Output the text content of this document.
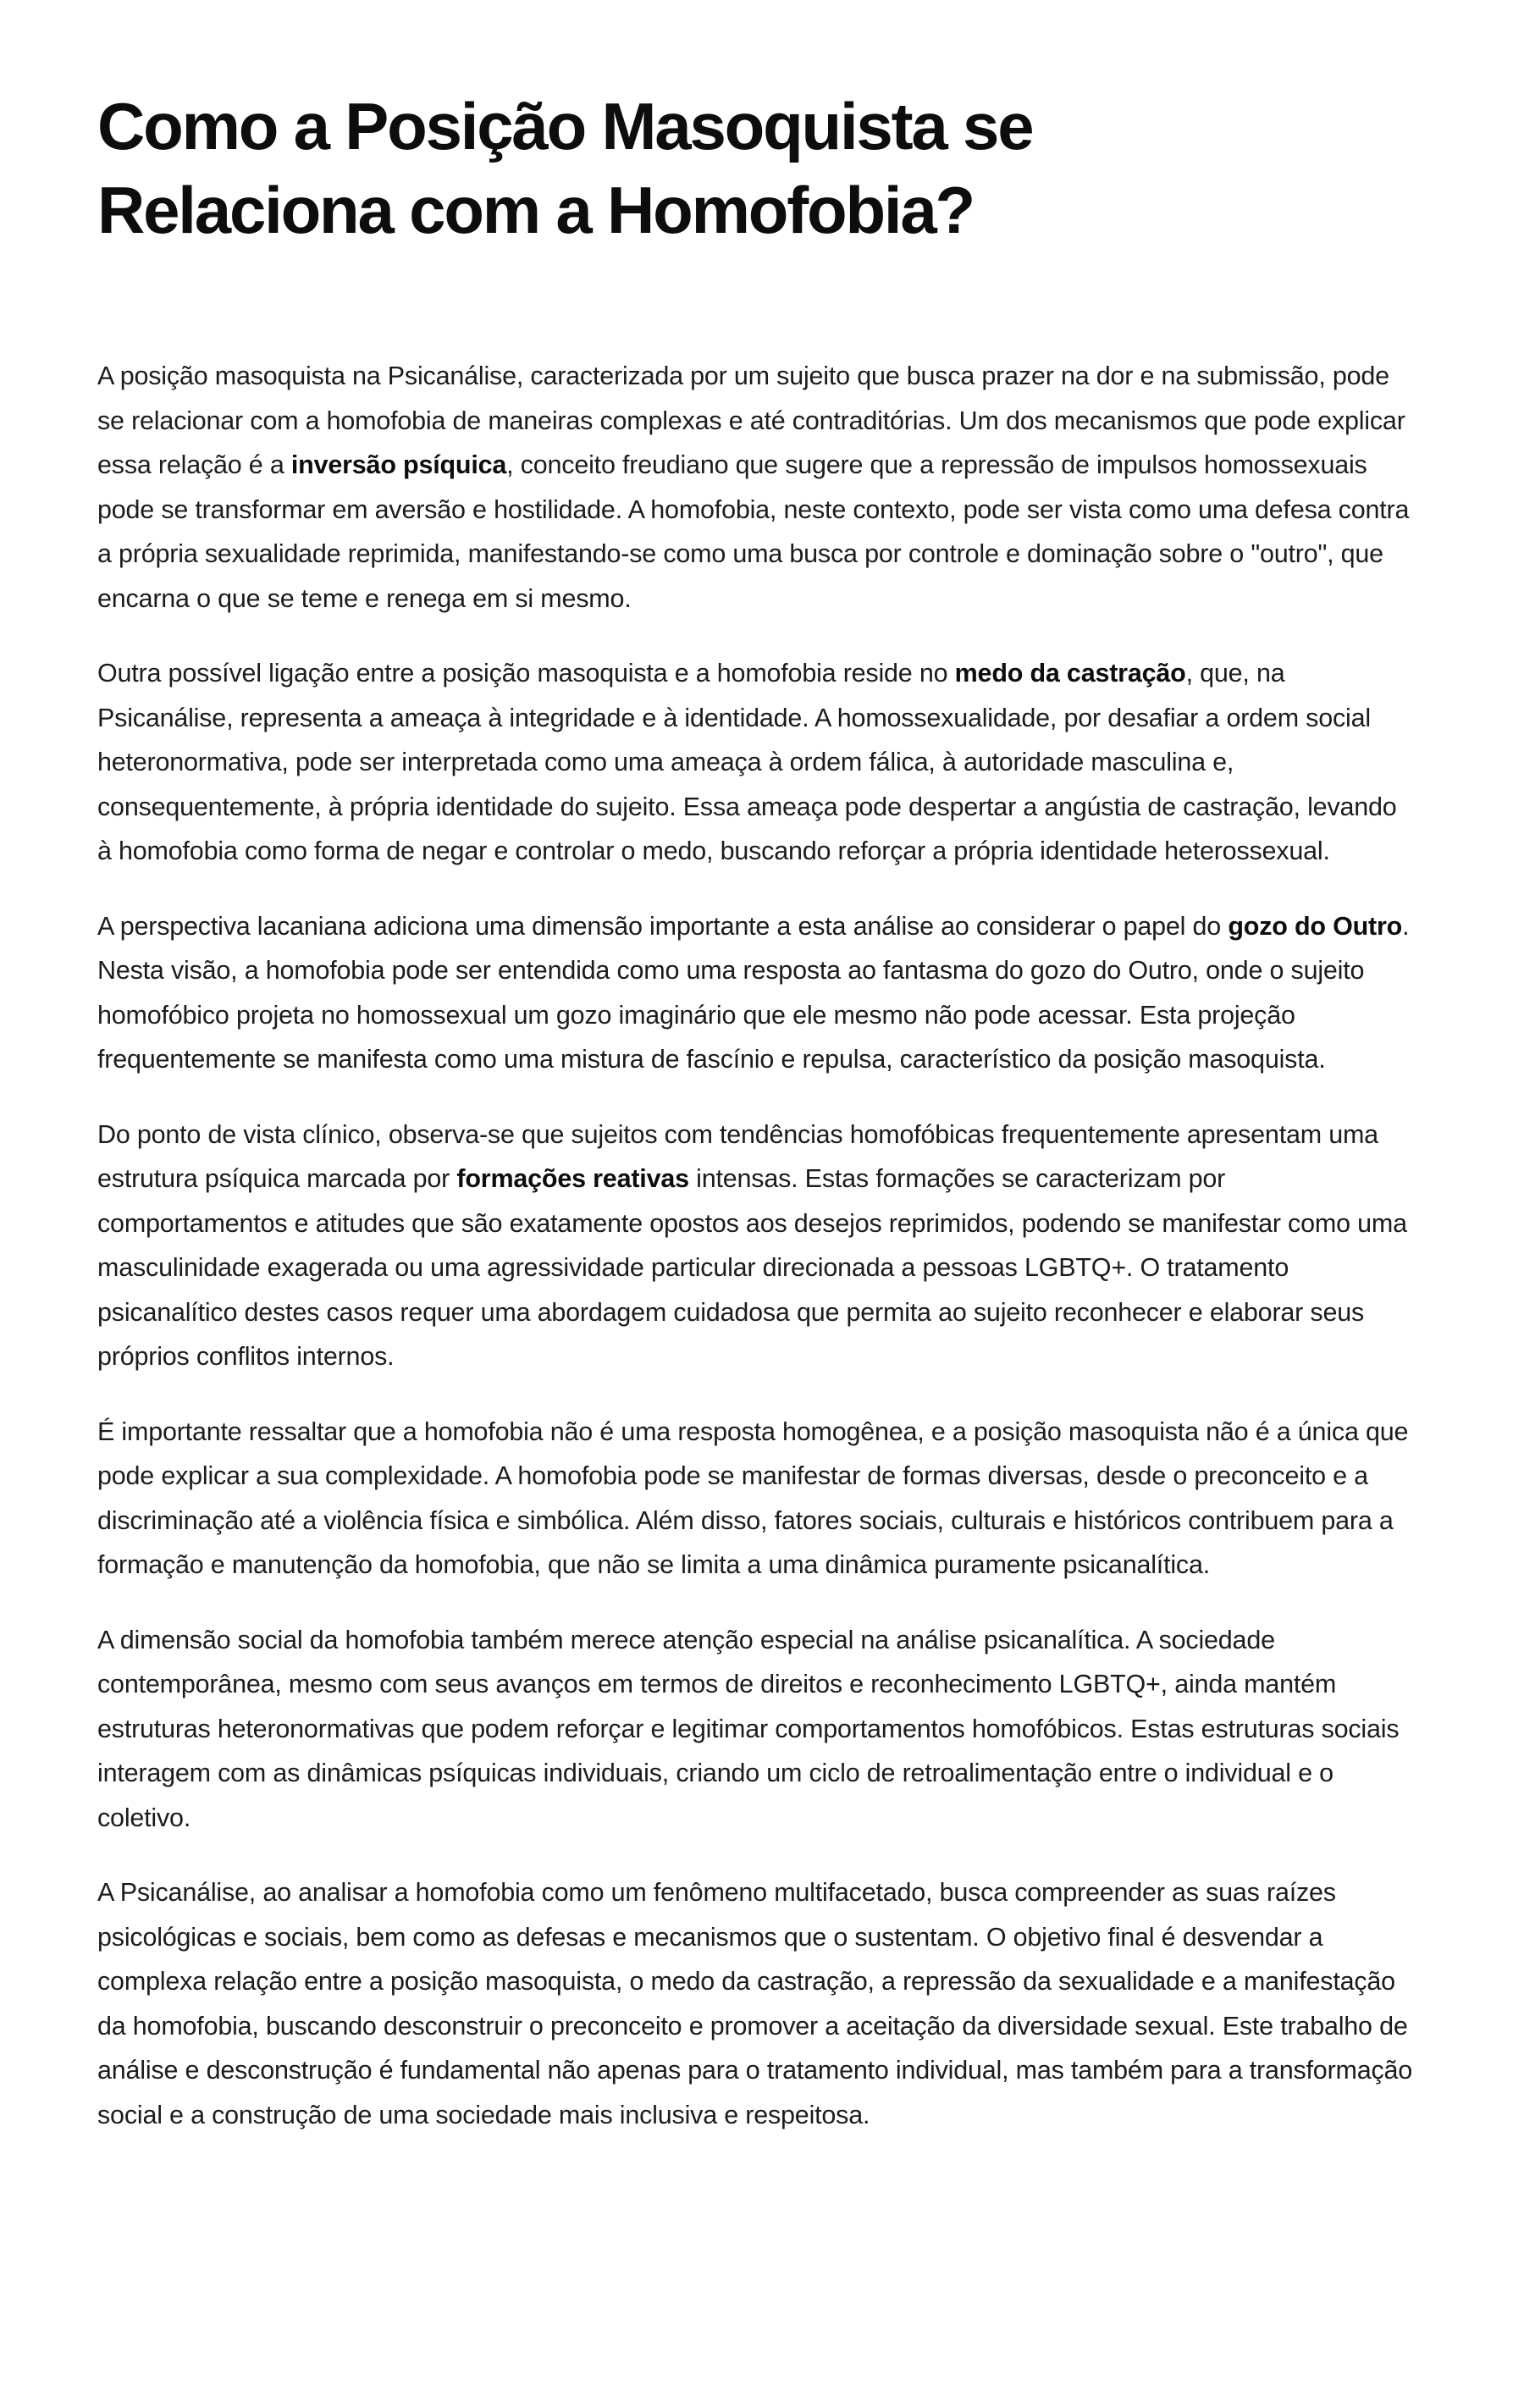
Como a Posição Masoquista se Relaciona com a Homofobia?

A posição masoquista na Psicanálise, caracterizada por um sujeito que busca prazer na dor e na submissão, pode se relacionar com a homofobia de maneiras complexas e até contraditórias. Um dos mecanismos que pode explicar essa relação é a inversão psíquica, conceito freudiano que sugere que a repressão de impulsos homossexuais pode se transformar em aversão e hostilidade. A homofobia, neste contexto, pode ser vista como uma defesa contra a própria sexualidade reprimida, manifestando-se como uma busca por controle e dominação sobre o "outro", que encarna o que se teme e renega em si mesmo.

Outra possível ligação entre a posição masoquista e a homofobia reside no medo da castração, que, na Psicanálise, representa a ameaça à integridade e à identidade. A homossexualidade, por desafiar a ordem social heteronormativa, pode ser interpretada como uma ameaça à ordem fálica, à autoridade masculina e, consequentemente, à própria identidade do sujeito. Essa ameaça pode despertar a angústia de castração, levando à homofobia como forma de negar e controlar o medo, buscando reforçar a própria identidade heterossexual.

A perspectiva lacaniana adiciona uma dimensão importante a esta análise ao considerar o papel do gozo do Outro. Nesta visão, a homofobia pode ser entendida como uma resposta ao fantasma do gozo do Outro, onde o sujeito homofóbico projeta no homossexual um gozo imaginário que ele mesmo não pode acessar. Esta projeção frequentemente se manifesta como uma mistura de fascínio e repulsa, característico da posição masoquista.

Do ponto de vista clínico, observa-se que sujeitos com tendências homofóbicas frequentemente apresentam uma estrutura psíquica marcada por formações reativas intensas. Estas formações se caracterizam por comportamentos e atitudes que são exatamente opostos aos desejos reprimidos, podendo se manifestar como uma masculinidade exagerada ou uma agressividade particular direcionada a pessoas LGBTQ+. O tratamento psicanalítico destes casos requer uma abordagem cuidadosa que permita ao sujeito reconhecer e elaborar seus próprios conflitos internos.

É importante ressaltar que a homofobia não é uma resposta homogênea, e a posição masoquista não é a única que pode explicar a sua complexidade. A homofobia pode se manifestar de formas diversas, desde o preconceito e a discriminação até a violência física e simbólica. Além disso, fatores sociais, culturais e históricos contribuem para a formação e manutenção da homofobia, que não se limita a uma dinâmica puramente psicanalítica.

A dimensão social da homofobia também merece atenção especial na análise psicanalítica. A sociedade contemporânea, mesmo com seus avanços em termos de direitos e reconhecimento LGBTQ+, ainda mantém estruturas heteronormativas que podem reforçar e legitimar comportamentos homofóbicos. Estas estruturas sociais interagem com as dinâmicas psíquicas individuais, criando um ciclo de retroalimentação entre o individual e o coletivo.

A Psicanálise, ao analisar a homofobia como um fenômeno multifacetado, busca compreender as suas raízes psicológicas e sociais, bem como as defesas e mecanismos que o sustentam. O objetivo final é desvendar a complexa relação entre a posição masoquista, o medo da castração, a repressão da sexualidade e a manifestação da homofobia, buscando desconstruir o preconceito e promover a aceitação da diversidade sexual. Este trabalho de análise e desconstrução é fundamental não apenas para o tratamento individual, mas também para a transformação social e a construção de uma sociedade mais inclusiva e respeitosa.
